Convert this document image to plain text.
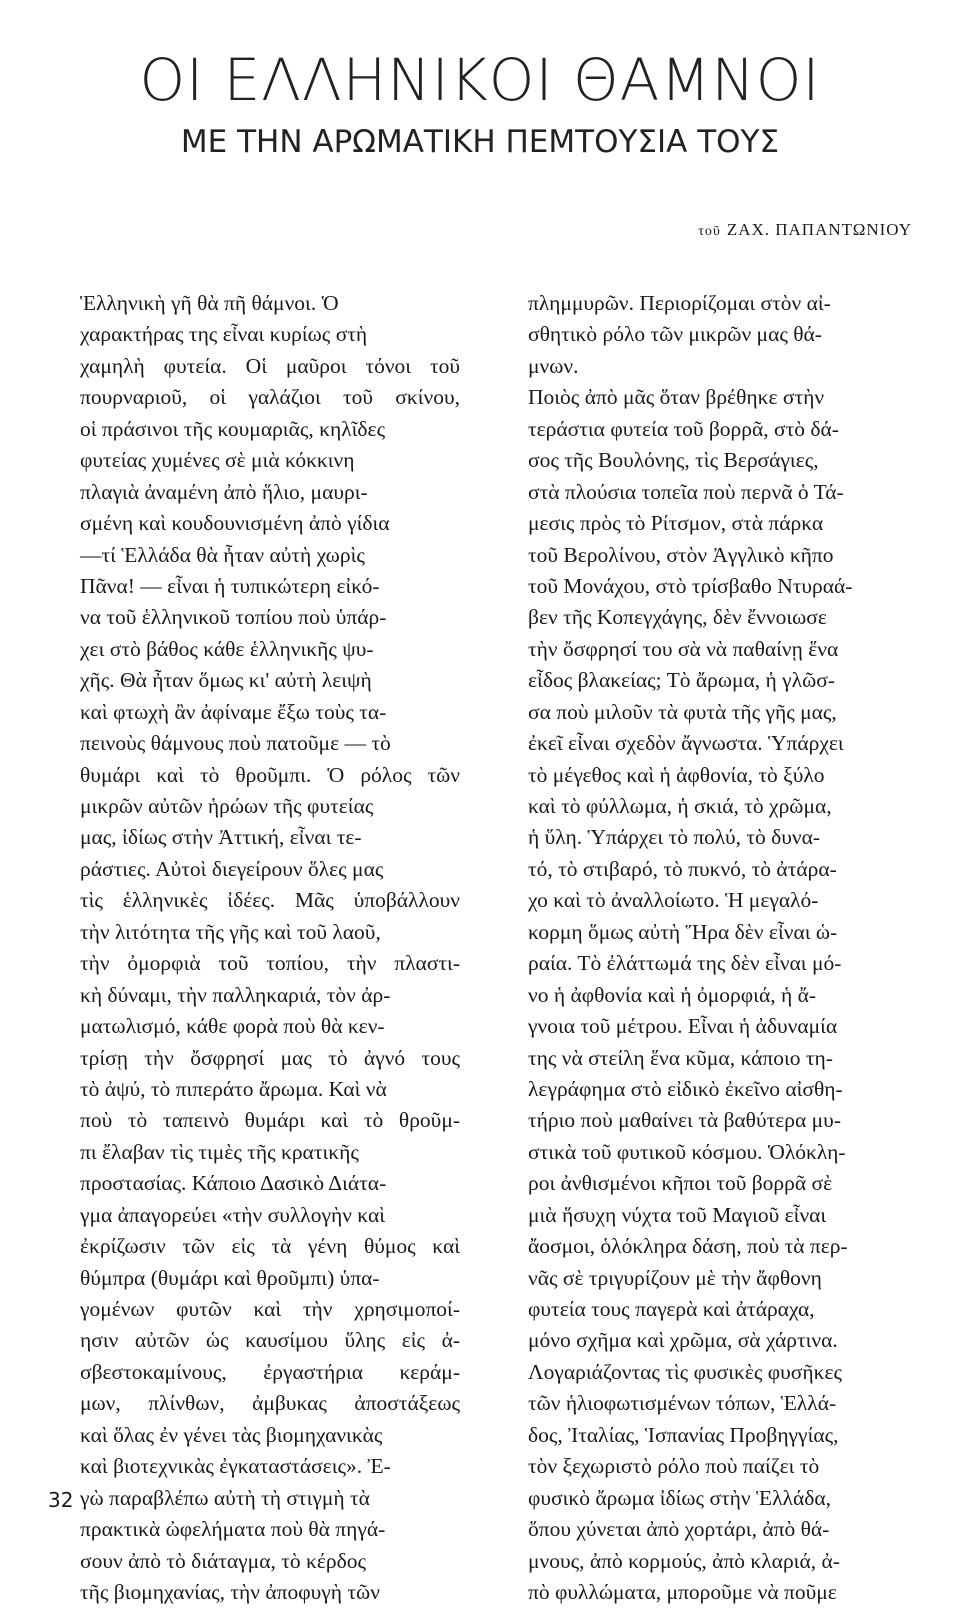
ΟΙ ΕΛΛΗΝΙΚΟΙ ΘΑΜΝΟΙ
ΜΕ ΤΗΝ ΑΡΩΜΑΤΙΚΗ ΠΕΜΤΟΥΣΙΑ ΤΟΥΣ
τοῦ ΖΑΧ. ΠΑΠΑΝΤΩΝΙΟΥ
Ἑλληνικὴ γῆ θὰ πῆ θάμνοι. Ὁ
χαρακτήρας της εἶναι κυρίως στὴ
χαμηλὴ φυτεία. Οἱ μαῦροι τόνοι τοῦ
πουρναριοῦ, οἱ γαλάζιοι τοῦ σκίνου,
οἱ πράσινοι τῆς κουμαριᾶς, κηλῖδες
φυτείας χυμένες σὲ μιὰ κόκκινη
πλαγιὰ ἀναμένη ἀπὸ ἥλιο, μαυρι-
σμένη καὶ κουδουνισμένη ἀπὸ γίδια
—τί Ἑλλάδα θὰ ἦταν αὐτὴ χωρὶς
Πᾶνα! — εἶναι ἡ τυπικώτερη εἰκό-
να τοῦ ἑλληνικοῦ τοπίου ποὺ ὑπάρ-
χει στὸ βάθος κάθε ἑλληνικῆς ψυ-
χῆς. Θὰ ἦταν ὅμως κι' αὐτὴ λειψὴ
καὶ φτωχὴ ἂν ἀφίναμε ἔξω τοὺς τα-
πεινοὺς θάμνους ποὺ πατοῦμε — τὸ
θυμάρι καὶ τὸ θροῦμπι. Ὁ ρόλος τῶν
μικρῶν αὐτῶν ἡρώων τῆς φυτείας
μας, ἰδίως στὴν Ἀττική, εἶναι τε-
ράστιες. Αὐτοὶ διεγείρουν ὅλες μας
τὶς ἑλληνικὲς ἰδέες. Μᾶς ὑποβάλλουν
τὴν λιτότητα τῆς γῆς καὶ τοῦ λαοῦ,
τὴν ὀμορφιὰ τοῦ τοπίου, τὴν πλαστι-
κὴ δύναμι, τὴν παλληκαριά, τὸν ἀρ-
ματωλισμό, κάθε φορὰ ποὺ θὰ κεν-
τρίσῃ τὴν ὄσφρησί μας τὸ ἀγνό τους
τὸ ἀψύ, τὸ πιπεράτο ἄρωμα. Καὶ νὰ
ποὺ τὸ ταπεινὸ θυμάρι καὶ τὸ θροῦμ-
πι ἔλαβαν τὶς τιμὲς τῆς κρατικῆς
προστασίας. Κάποιο Δασικὸ Διάτα-
γμα ἀπαγορεύει «τὴν συλλογὴν καὶ
ἐκρίζωσιν τῶν εἰς τὰ γένη θύμος καὶ
θύμπρα (θυμάρι καὶ θροῦμπι) ὑπα-
γομένων φυτῶν καὶ τὴν χρησιμοποί-
ησιν αὐτῶν ὡς καυσίμου ὕλης εἰς ἀ-
σβεστοκαμίνους, ἐργαστήρια κεράμ-
μων, πλίνθων, ἀμβυκας ἀποστάξεως
καὶ ὅλας ἐν γένει τὰς βιομηχανικὰς
καὶ βιοτεχνικὰς ἐγκαταστάσεις». Ἐ-
γὼ παραβλέπω αὐτὴ τὴ στιγμὴ τὰ
πρακτικὰ ὠφελήματα ποὺ θὰ πηγά-
σουν ἀπὸ τὸ διάταγμα, τὸ κέρδος
τῆς βιομηχανίας, τὴν ἀποφυγὴ τῶν
πλημμυρῶν. Περιορίζομαι στὸν αἰ-
σθητικὸ ρόλο τῶν μικρῶν μας θά-
μνων.
Ποιὸς ἀπὸ μᾶς ὅταν βρέθηκε στὴν
τεράστια φυτεία τοῦ βορρᾶ, στὸ δά-
σος τῆς Βουλόνης, τὶς Βερσάγιες,
στὰ πλούσια τοπεῖα ποὺ περνᾶ ὁ Τά-
μεσις πρὸς τὸ Ρίτσμον, στὰ πάρκα
τοῦ Βερολίνου, στὸν Ἀγγλικὸ κῆπο
τοῦ Μονάχου, στὸ τρίσβαθο Ντυραά-
βεν τῆς Κοπεγχάγης, δὲν ἔννοιωσε
τὴν ὄσφρησί του σὰ νὰ παθαίνῃ ἕνα
εἶδος βλακείας; Τὸ ἄρωμα, ἡ γλῶσ-
σα ποὺ μιλοῦν τὰ φυτὰ τῆς γῆς μας,
ἐκεῖ εἶναι σχεδὸν ἄγνωστα. Ὑπάρχει
τὸ μέγεθος καὶ ἡ ἀφθονία, τὸ ξύλο
καὶ τὸ φύλλωμα, ἡ σκιά, τὸ χρῶμα,
ἡ ὕλη. Ὑπάρχει τὸ πολύ, τὸ δυνα-
τό, τὸ στιβαρό, τὸ πυκνό, τὸ ἀτάρα-
χο καὶ τὸ ἀναλλοίωτο. Ἡ μεγαλό-
κορμη ὅμως αὐτὴ Ἥρα δὲν εἶναι ὡ-
ραία. Τὸ ἐλάττωμά της δὲν εἶναι μό-
νο ἡ ἀφθονία καὶ ἡ ὀμορφιά, ἡ ἄ-
γνοια τοῦ μέτρου. Εἶναι ἡ ἀδυναμία
της νὰ στείλη ἕνα κῦμα, κάποιο τη-
λεγράφημα στὸ εἰδικὸ ἐκεῖνο αἰσθη-
τήριο ποὺ μαθαίνει τὰ βαθύτερα μυ-
στικὰ τοῦ φυτικοῦ κόσμου. Ὁλόκλη-
ροι ἀνθισμένοι κῆποι τοῦ βορρᾶ σὲ
μιὰ ἥσυχη νύχτα τοῦ Μαγιοῦ εἶναι
ἄοσμοι, ὁλόκληρα δάση, ποὺ τὰ περ-
νᾶς σὲ τριγυρίζουν μὲ τὴν ἄφθονη
φυτεία τους παγερὰ καὶ ἀτάραχα,
μόνο σχῆμα καὶ χρῶμα, σὰ χάρτινα.
Λογαριάζοντας τὶς φυσικὲς φυσῆκες
τῶν ἡλιοφωτισμένων τόπων, Ἑλλά-
δος, Ἰταλίας, Ἱσπανίας Προβηγγίας,
τὸν ξεχωριστὸ ρόλο ποὺ παίζει τὸ
φυσικὸ ἄρωμα ἰδίως στὴν Ἑλλάδα,
ὅπου χύνεται ἀπὸ χορτάρι, ἀπὸ θά-
μνους, ἀπὸ κορμούς, ἀπὸ κλαριά, ἀ-
πὸ φυλλώματα, μποροῦμε νὰ ποῦμε
32
